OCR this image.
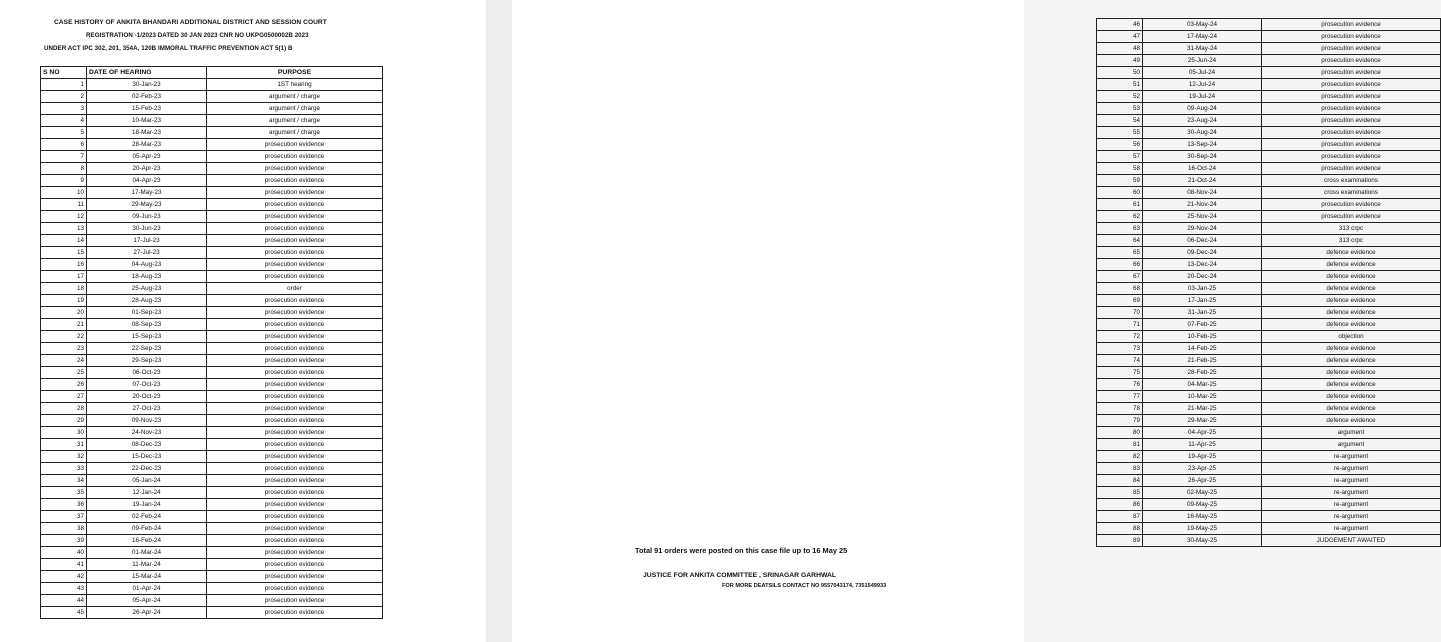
CASE HISTORY OF ANKITA BHANDARI ADDITIONAL DISTRICT AND SESSION COURT
REGISTRATION -1/2023 DATED 30 JAN 2023 CNR NO UKPG0500002B 2023
UNDER ACT IPC 302, 201, 354A, 120B IMMORAL TRAFFIC PREVENTION ACT 5(1) B
S NO	DATE OF HEARING	PURPOSE
1	30-Jan-23	1ST hearing
2	02-Feb-23	argument / charge
3	15-Feb-23	argument / charge
4	10-Mar-23	argument / charge
5	18-Mar-23	argument / charge
6	28-Mar-23	prosecution evidence
7	05-Apr-23	prosecution evidence
8	20-Apr-23	prosecution evidence
9	04-Apr-23	prosecution evidence
10	17-May-23	prosecution evidence
11	29-May-23	prosecution evidence
12	09-Jun-23	prosecution evidence
13	30-Jun-23	prosecution evidence
14	17-Jul-23	prosecution evidence
15	27-Jul-23	prosecution evidence
16	04-Aug-23	prosecution evidence
17	18-Aug-23	prosecution evidence
18	25-Aug-23	order
19	28-Aug-23	prosecution evidence
20	01-Sep-23	prosecution evidence
21	08-Sep-23	prosecution evidence
22	15-Sep-23	prosecution evidence
23	22-Sep-23	prosecution evidence
24	29-Sep-23	prosecution evidence
25	06-Oct-23	prosecution evidence
26	07-Oct-23	prosecution evidence
27	20-Oct-23	prosecution evidence
28	27-Oct-23	prosecution evidence
29	09-Nov-23	prosecution evidence
30	24-Nov-23	prosecution evidence
31	08-Dec-23	prosecution evidence
32	15-Dec-23	prosecution evidence
33	22-Dec-23	prosecution evidence
34	05-Jan-24	prosecution evidence
35	12-Jan-24	prosecution evidence
36	19-Jan-24	prosecution evidence
37	02-Feb-24	prosecution evidence
38	09-Feb-24	prosecution evidence
39	16-Feb-24	prosecution evidence
40	01-Mar-24	prosecution evidence
41	11-Mar-24	prosecution evidence
42	15-Mar-24	prosecution evidence
43	01-Apr-24	prosecution evidence
44	05-Apr-24	prosecution evidence
45	26-Apr-24	prosecution evidence
46	03-May-24	prosecution evidence
47	17-May-24	prosecution evidence
48	31-May-24	prosecution evidence
49	25-Jun-24	prosecution evidence
50	05-Jul-24	prosecution evidence
51	12-Jul-24	prosecution evidence
52	19-Jul-24	prosecution evidence
53	09-Aug-24	prosecution evidence
54	23-Aug-24	prosecution evidence
55	30-Aug-24	prosecution evidence
56	13-Sep-24	prosecution evidence
57	30-Sep-24	prosecution evidence
58	16-Oct-24	prosecution evidence
59	21-Oct-24	cross examinations
60	08-Nov-24	cross examinations
61	21-Nov-24	prosecution evidence
62	25-Nov-24	prosecution evidence
63	29-Nov-24	313 crpc
64	06-Dec-24	313 crpc
65	09-Dec-24	defence evidence
66	13-Dec-24	defence evidence
67	20-Dec-24	defence evidence
68	03-Jan-25	defence evidence
69	17-Jan-25	defence evidence
70	31-Jan-25	defence evidence
71	07-Feb-25	defence evidence
72	10-Feb-25	objection
73	14-Feb-25	defence evidence
74	21-Feb-25	defence evidence
75	28-Feb-25	defence evidence
76	04-Mar-25	defence evidence
77	10-Mar-25	defence evidence
78	21-Mar-25	defence evidence
79	29-Mar-25	defence evidence
80	04-Apr-25	argument
81	11-Apr-25	argument
82	19-Apr-25	re-argument
83	23-Apr-25	re-argument
84	26-Apr-25	re-argument
85	02-May-25	re-argument
86	09-May-25	re-argument
87	16-May-25	re-argument
88	19-May-25	re-argument
89	30-May-25	JUDGEMENT AWAITED
Total 91 orders were posted on this case file up to 16 May 25
JUSTICE FOR ANKITA COMMITTEE , SRINAGAR GARHWAL
FOR MORE DEATSILS CONTACT NO 9557043174, 7351549933
